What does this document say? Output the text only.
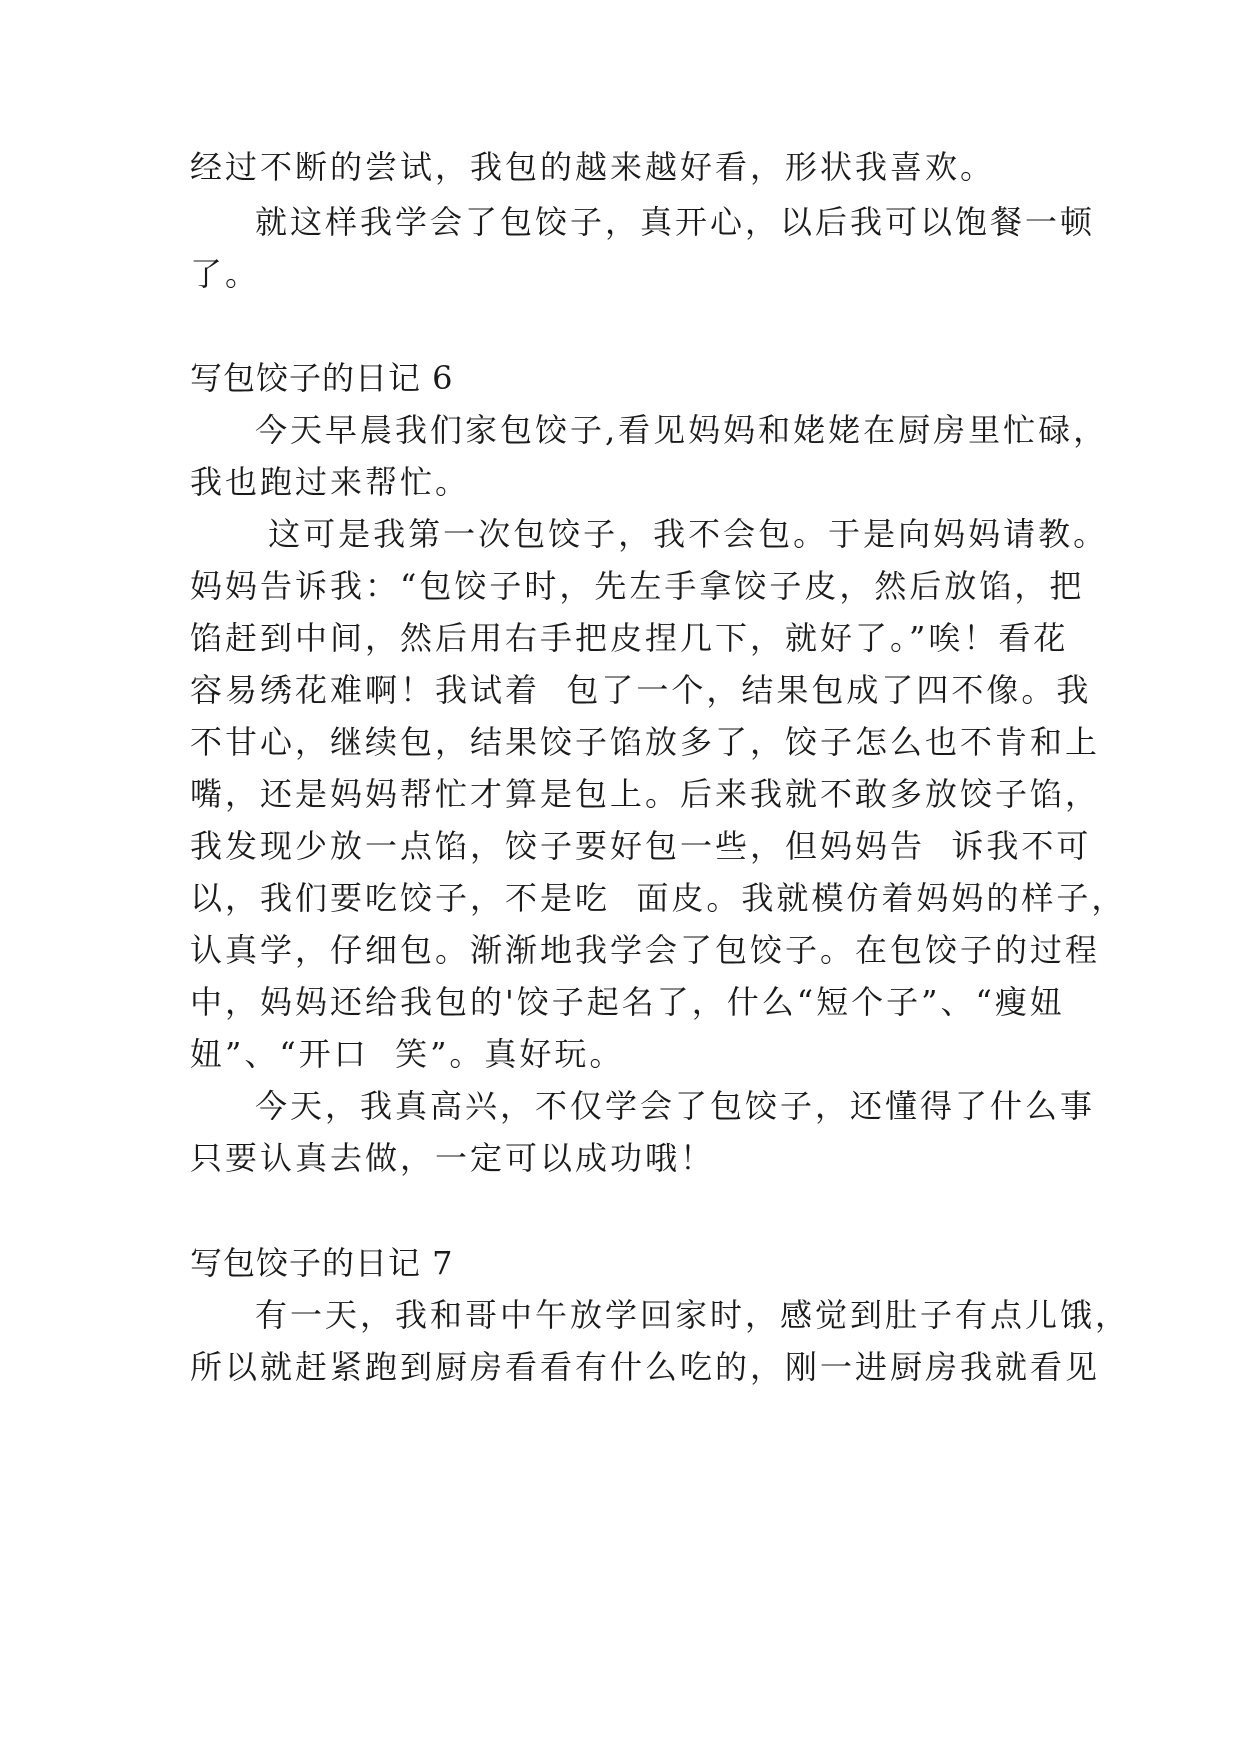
经过不断的尝试，我包的越来越好看，形状我喜欢。
就这样我学会了包饺子，真开心，以后我可以饱餐一顿
了。
写包饺子的日记 6
今天早晨我们家包饺子,看见妈妈和姥姥在厨房里忙碌，
我也跑过来帮忙。
这可是我第一次包饺子，我不会包。于是向妈妈请教。
妈妈告诉我：“包饺子时，先左手拿饺子皮，然后放馅，把
馅赶到中间，然后用右手把皮捏几下，就好了。”唉！看花
容易绣花难啊！我试着  包了一个，结果包成了四不像。我
不甘心，继续包，结果饺子馅放多了，饺子怎么也不肯和上
嘴，还是妈妈帮忙才算是包上。后来我就不敢多放饺子馅，
我发现少放一点馅，饺子要好包一些，但妈妈告  诉我不可
以，我们要吃饺子，不是吃  面皮。我就模仿着妈妈的样子，
认真学，仔细包。渐渐地我学会了包饺子。在包饺子的过程
中，妈妈还给我包的'饺子起名了，什么“短个子”、“瘦妞
妞”、“开口  笑”。真好玩。
今天，我真高兴，不仅学会了包饺子，还懂得了什么事
只要认真去做，一定可以成功哦！
写包饺子的日记 7
有一天，我和哥中午放学回家时，感觉到肚子有点儿饿，
所以就赶紧跑到厨房看看有什么吃的，刚一进厨房我就看见
